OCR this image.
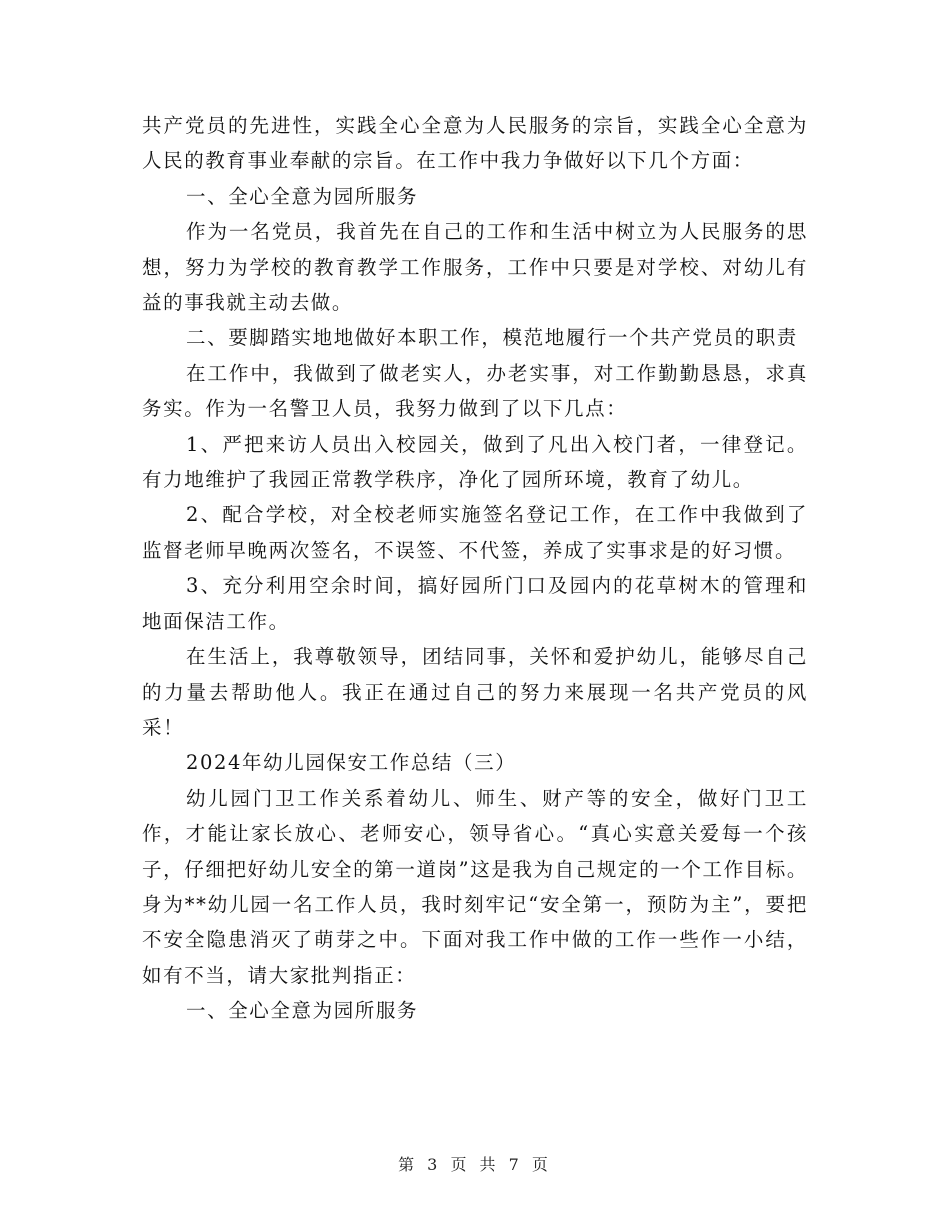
共产党员的先进性，实践全心全意为人民服务的宗旨，实践全心全意为人民的教育事业奉献的宗旨。在工作中我力争做好以下几个方面：

一、全心全意为园所服务

作为一名党员，我首先在自己的工作和生活中树立为人民服务的思想，努力为学校的教育教学工作服务，工作中只要是对学校、对幼儿有益的事我就主动去做。

二、要脚踏实地地做好本职工作，模范地履行一个共产党员的职责

在工作中，我做到了做老实人，办老实事，对工作勤勤恳恳，求真务实。作为一名警卫人员，我努力做到了以下几点：

1、严把来访人员出入校园关，做到了凡出入校门者，一律登记。有力地维护了我园正常教学秩序，净化了园所环境，教育了幼儿。

2、配合学校，对全校老师实施签名登记工作，在工作中我做到了监督老师早晚两次签名，不误签、不代签，养成了实事求是的好习惯。

3、充分利用空余时间，搞好园所门口及园内的花草树木的管理和地面保洁工作。

在生活上，我尊敬领导，团结同事，关怀和爱护幼儿，能够尽自己的力量去帮助他人。我正在通过自己的努力来展现一名共产党员的风采！

2024年幼儿园保安工作总结（三）

幼儿园门卫工作关系着幼儿、师生、财产等的安全，做好门卫工作，才能让家长放心、老师安心，领导省心。“真心实意关爱每一个孩子，仔细把好幼儿安全的第一道岗”这是我为自己规定的一个工作目标。身为**幼儿园一名工作人员，我时刻牢记“安全第一，预防为主”，要把不安全隐患消灭了萌芽之中。下面对我工作中做的工作一些作一小结，如有不当，请大家批判指正：

一、全心全意为园所服务

第 3 页 共 7 页
